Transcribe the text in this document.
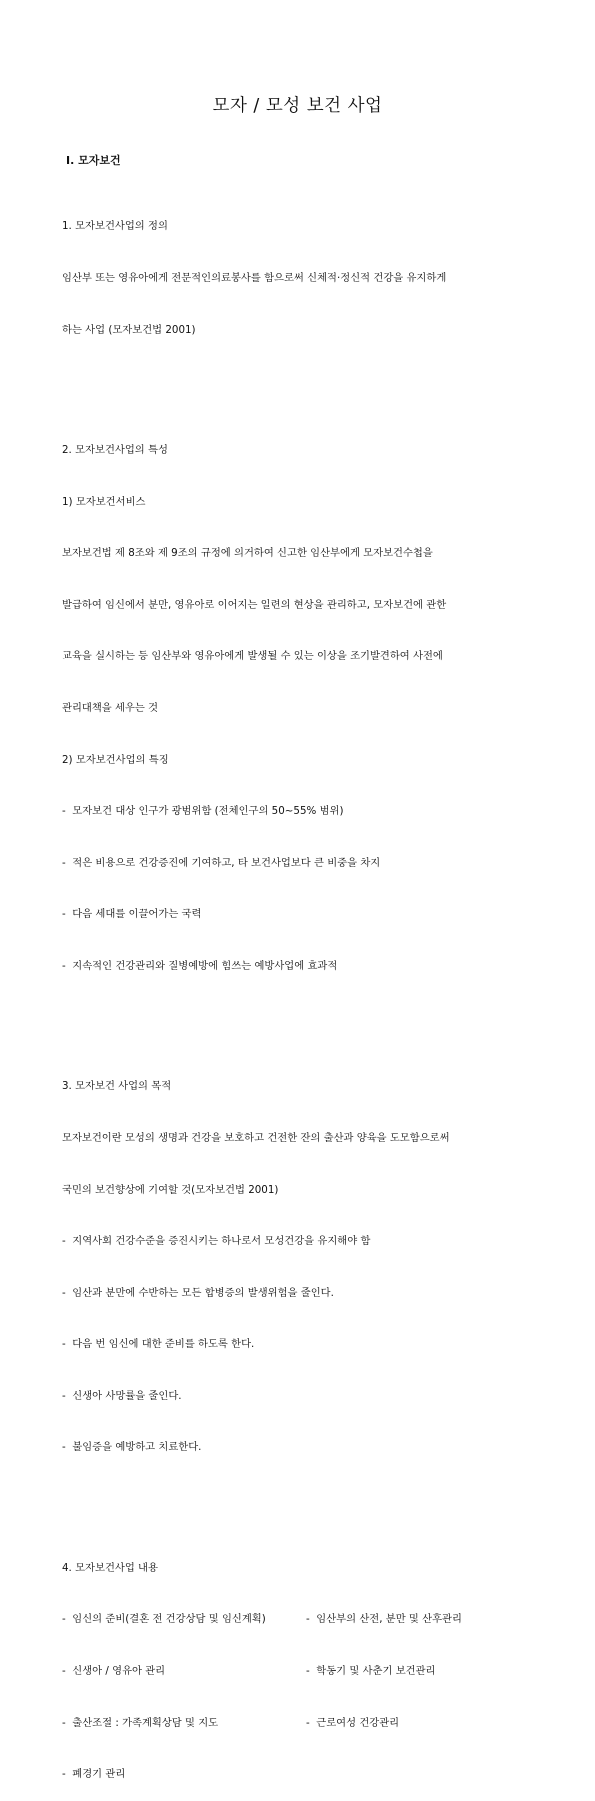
모자 / 모성 보건 사업
Ⅰ. 모자보건

1. 모자보건사업의 정의

임산부 또는 영유아에게 전문적인의료봉사를 함으로써 신체적·정신적 건강을 유지하게

하는 사업 (모자보건법 2001)

2. 모자보건사업의 특성

1) 모자보건서비스

보자보건법 제 8조와 제 9조의 규정에 의거하여 신고한 임산부에게 모자보건수첩을

발급하여 임신에서 분만, 영유아로 이어지는 일련의 현상을 관리하고, 모자보건에 관한

교육을 실시하는 등 임산부와 영유아에게 발생될 수 있는 이상을 조기발견하여 사전에

관리대책을 세우는 것

2) 모자보건사업의 특징

-  모자보건 대상 인구가 광범위함 (전체인구의 50~55% 범위)

-  적은 비용으로 건강증진에 기여하고, 타 보건사업보다 큰 비중을 차지

-  다음 세대를 이끌어가는 국력

-  지속적인 건강관리와 질병예방에 힘쓰는 예방사업에 효과적

3. 모자보건 사업의 목적

모자보건이란 모성의 생명과 건강을 보호하고 건전한 잔의 출산과 양육을 도모함으로써

국민의 보건향상에 기여할 것(모자보건법 2001)

-  지역사회 건강수준을 증진시키는 하나로서 모성건강을 유지해야 함

-  임산과 분만에 수반하는 모든 합병증의 발생위험을 줄인다.

-  다음 번 임신에 대한 준비를 하도록 한다.

-  신생아 사망률을 줄인다.

-  불임증을 예방하고 치료한다.

4. 모자보건사업 내용

-  임신의 준비(결혼 전 건강상담 및 임신계획)	-  임산부의 산전, 분만 및 산후관리

-  신생아 / 영유아 관리	-  학동기 및 사춘기 보건관리

-  출산조절 : 가족계획상담 및 지도	-  근로여성 건강관리

-  폐경기 관리
